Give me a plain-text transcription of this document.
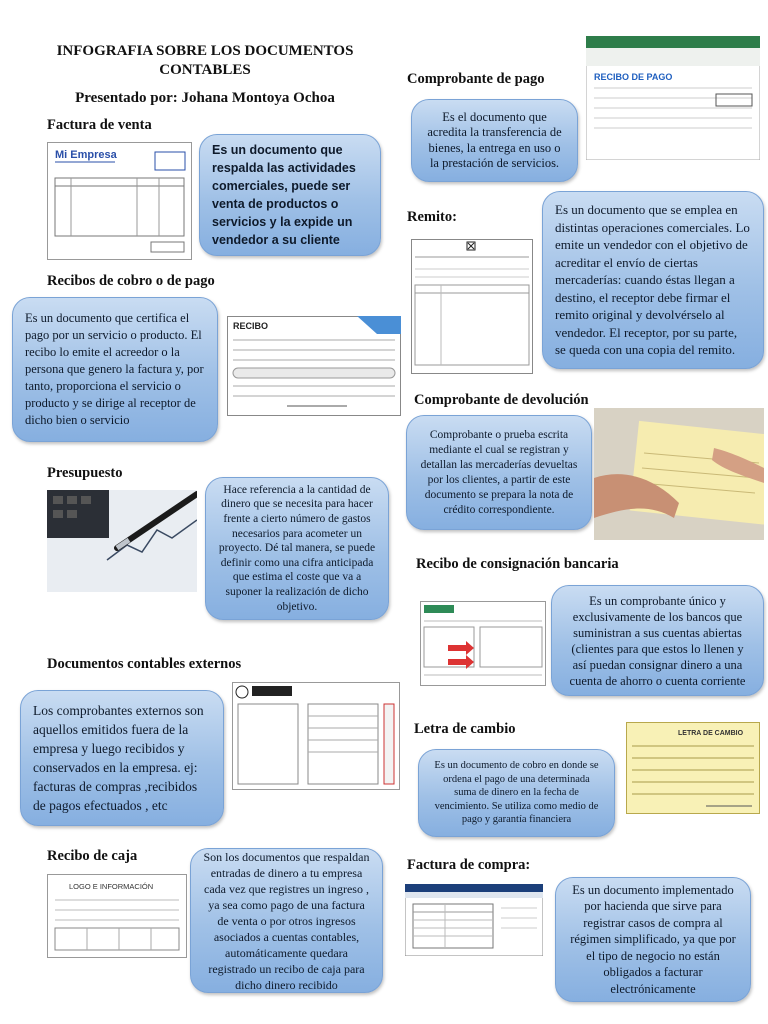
INFOGRAFIA SOBRE LOS DOCUMENTOS CONTABLES
Presentado por: Johana Montoya Ochoa
Factura de venta
Mi Empresa	Es un documento que respalda las actividades comerciales, puede ser venta de productos o servicios y la expide un vendedor a su cliente
Recibos de cobro o de pago
Es un documento que certifica el pago por un servicio o producto. El recibo lo emite el acreedor o la persona que genero la factura y, por tanto, proporciona el servicio o producto y se dirige al receptor de dicho bien o servicio
RECIBO
Presupuesto
Hace referencia a la cantidad de dinero que se necesita para hacer frente a cierto número de gastos necesarios para acometer un proyecto. Dé tal manera, se puede definir como una cifra anticipada que estima el coste que va a suponer la realización de dicho objetivo.
Documentos contables externos
Los comprobantes externos son aquellos emitidos fuera de la empresa y luego recibidos y conservados en la empresa. ej: facturas de compras ,recibidos de pagos efectuados , etc
Recibo de caja
LOGO E INFORMACIÓN
Son los documentos que respaldan entradas de dinero a tu empresa cada vez que registres un ingreso , ya sea como pago de una factura de venta o por otros ingresos asociados a cuentas contables, automáticamente quedara registrado un recibo de caja para dicho dinero recibido
Comprobante de pago	RECIBO DE PAGO
Es el documento que acredita la transferencia de bienes, la entrega en uso o la prestación de servicios.
Remito:	Es un documento que se emplea en distintas operaciones comerciales. Lo emite un vendedor con el objetivo de acreditar el envío de ciertas mercaderías: cuando éstas llegan a destino, el receptor debe firmar el remito original y devolvérselo al vendedor. El receptor, por su parte, se queda con una copia del remito.
Comprobante de devolución
Comprobante o prueba escrita mediante el cual se registran y detallan las mercaderías devueltas por los clientes, a partir de este documento se prepara la nota de crédito correspondiente.
Recibo de consignación bancaria
Es un comprobante único y exclusivamente de los bancos que suministran a sus cuentas abiertas (clientes para que estos lo llenen y así puedan consignar dinero a una cuenta de ahorro o cuenta corriente
Letra de cambio
Es un documento de cobro en donde se ordena el pago de una determinada suma de dinero en la fecha de vencimiento. Se utiliza como medio de pago y garantía financiera
LETRA DE CAMBIO
Factura de compra:
Es un documento implementado por hacienda que sirve para registrar casos de compra al régimen simplificado, ya que por el tipo de negocio no están obligados a facturar electrónicamente
